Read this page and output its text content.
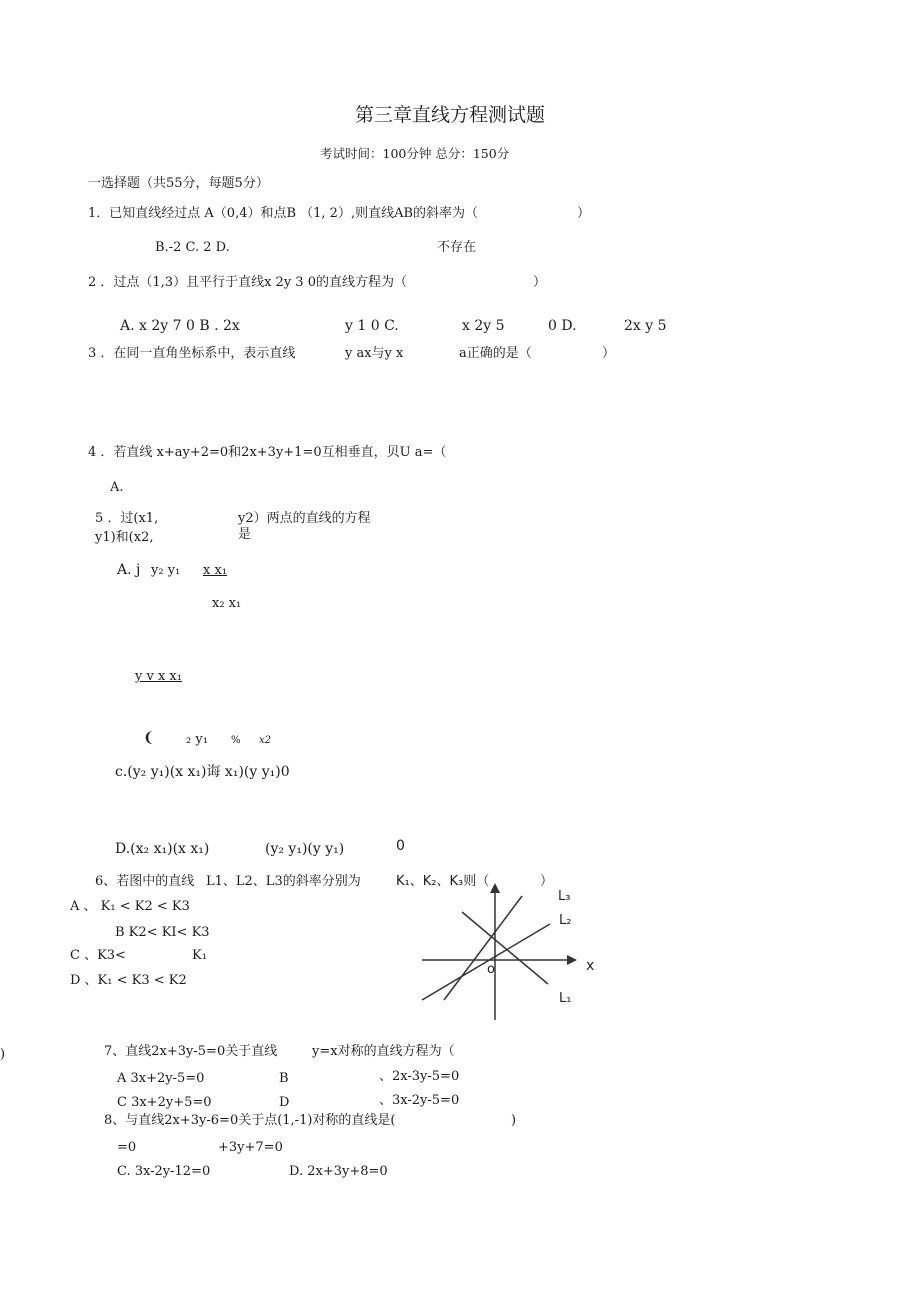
第三章直线方程测试题
考试时间：100分钟 总分：150分
一选择题（共55分，每题5分）
1．已知直线经过点 A（0,4）和点B （1, 2）,则直线AB的斜率为（	）
B.-2 C. 2 D.	不存在
2 ．过点（1,3）且平行于直线x 2y 3 0的直线方程为（	）
A. x 2y 7 0 B . 2x	y 1 0 C.	x 2y 5	0 D.	2x y 5
3 ．在同一直角坐标系中，表示直线	y ax与y x	a正确的是（	）
4 ．若直线 x+ay+2=0和2x+3y+1=0互相垂直，贝U a=（
A.
5 ．过(x1,	y2）两点的直线的方程
y1)和(x2,	是
A. j y₂ y₁ x x₁
x₂ x₁
y v x x₁
❨ ₂ y₁ % x2
c.(y₂ y₁)(x x₁)诲 x₁)(y y₁)0
D.(x₂ x₁)(x x₁)	(y₂ y₁)(y y₁)	0
6、若图中的直线 L1、L2、L3的斜率分别为	K₁、K₂、K₃则（	）
A 、 K₁ < K2 < K3
B K2< KI< K3
C 、K3<	K₁
D 、K₁ < K3 < K2
L₃
L₂
L₁
x
o
)	7、直线2x+3y-5=0关于直线	y=x对称的直线方程为（
A 3x+2y-5=0	B	、2x-3y-5=0
C 3x+2y+5=0	D	、3x-2y-5=0
8、与直线2x+3y-6=0关于点(1,-1)对称的直线是(	)
=0	+3y+7=0
C. 3x-2y-12=0	D. 2x+3y+8=0
